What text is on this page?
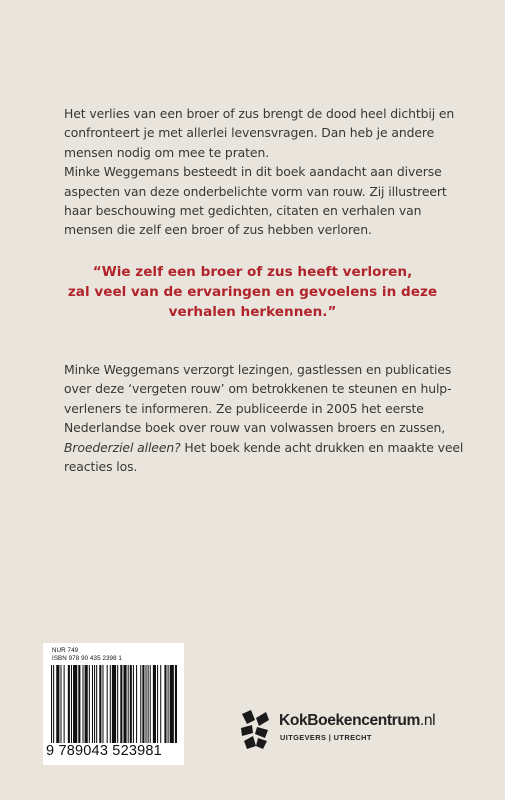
Het verlies van een broer of zus brengt de dood heel dichtbij en
confronteert je met allerlei levensvragen. Dan heb je andere
mensen nodig om mee te praten.
Minke Weggemans besteedt in dit boek aandacht aan diverse
aspecten van deze onderbelichte vorm van rouw. Zij illustreert
haar beschouwing met gedichten, citaten en verhalen van
mensen die zelf een broer of zus hebben verloren.
“Wie zelf een broer of zus heeft verloren,
zal veel van de ervaringen en gevoelens in deze
verhalen herkennen.”
Minke Weggemans verzorgt lezingen, gastlessen en publicaties
over deze ‘vergeten rouw’ om betrokkenen te steunen en hulp-
verleners te informeren. Ze publiceerde in 2005 het eerste
Nederlandse boek over rouw van volwassen broers en zussen,
Broederziel alleen? Het boek kende acht drukken en maakte veel
reacties los.
NUR 749
ISBN 978 90 435 2398 1
9 789043 523981
KokBoekencentrum.nl
UITGEVERS | UTRECHT
